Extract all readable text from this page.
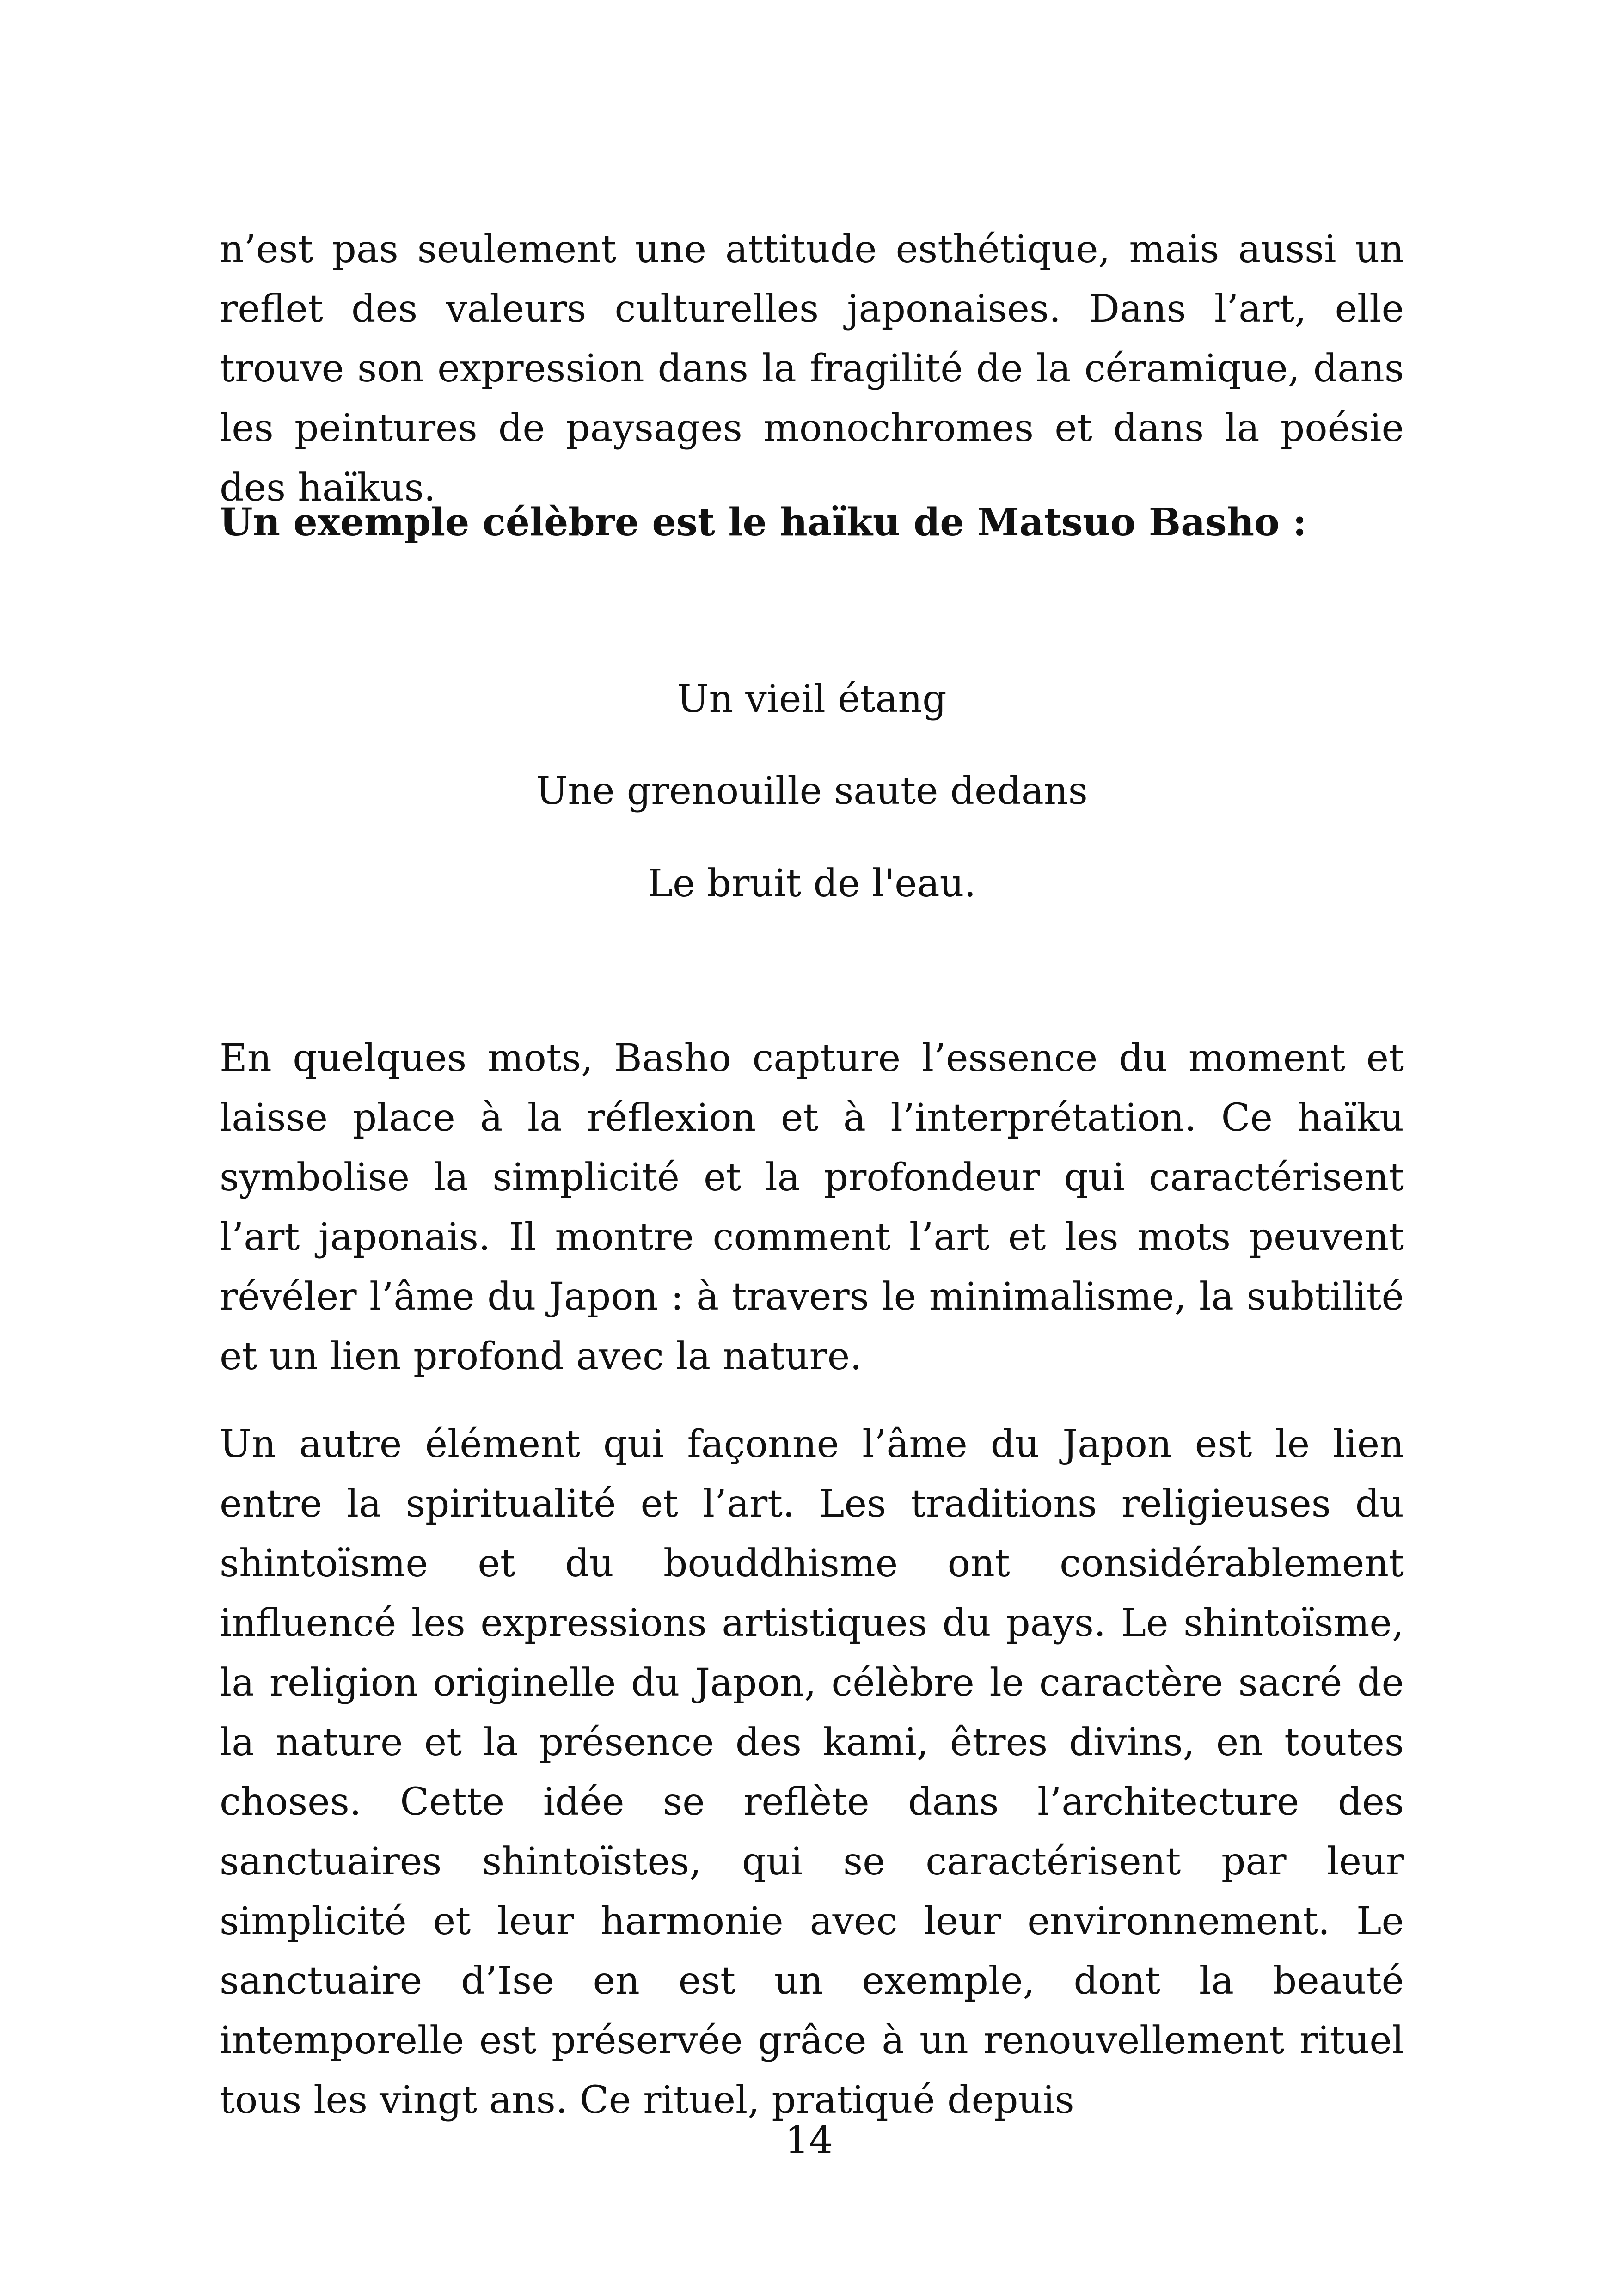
n’est pas seulement une attitude esthétique, mais aussi un reflet des valeurs culturelles japonaises. Dans l’art, elle trouve son expression dans la fragilité de la céramique, dans les peintures de paysages monochromes et dans la poésie des haïkus.

Un exemple célèbre est le haïku de Matsuo Basho :

Un vieil étang

Une grenouille saute dedans

Le bruit de l'eau.

En quelques mots, Basho capture l’essence du moment et laisse place à la réflexion et à l’interprétation. Ce haïku symbolise la simplicité et la profondeur qui caractérisent l’art japonais. Il montre comment l’art et les mots peuvent révéler l’âme du Japon : à travers le minimalisme, la subtilité et un lien profond avec la nature.

Un autre élément qui façonne l’âme du Japon est le lien entre la spiritualité et l’art. Les traditions religieuses du shintoïsme et du bouddhisme ont considérablement influencé les expressions artistiques du pays. Le shintoïsme, la religion originelle du Japon, célèbre le caractère sacré de la nature et la présence des kami, êtres divins, en toutes choses. Cette idée se reflète dans l’architecture des sanctuaires shintoïstes, qui se caractérisent par leur simplicité et leur harmonie avec leur environnement. Le sanctuaire d’Ise en est un exemple, dont la beauté intemporelle est préservée grâce à un renouvellement rituel tous les vingt ans. Ce rituel, pratiqué depuis

14
